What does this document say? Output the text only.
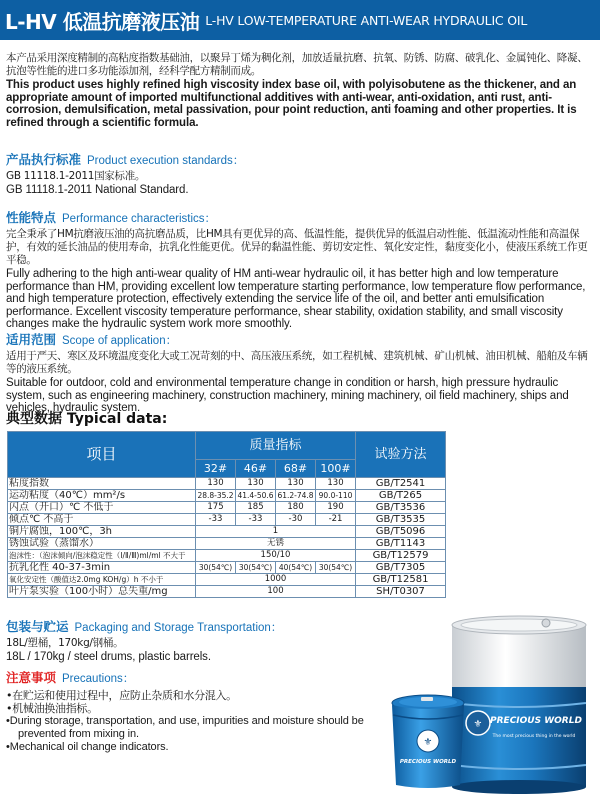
L-HV 低温抗磨液压油 L-HV LOW-TEMPERATURE ANTI-WEAR HYDRAULIC OIL
本产品采用深度精制的高粘度指数基础油，以聚异丁烯为稠化剂，加放适量抗磨、抗氧、防锈、防腐、破乳化、金属钝化、降凝、抗泡等性能的进口多功能添加剂，经科学配方精制而成。
This product uses highly refined high viscosity index base oil, with polyisobutene as the thickener, and an appropriate amount of imported multifunctional additives with anti-wear, anti-oxidation, anti rust, anti-corrosion, demulsification, metal passivation, pour point reduction, anti foaming and other properties. It is refined through a scientific formula.
产品执行标准 Product execution standards：
GB 11118.1-2011国家标准。
GB 11118.1-2011 National Standard.
性能特点 Performance characteristics：
完全秉承了HM抗磨液压油的高抗磨品质，比HM具有更优异的高、低温性能，提供优异的低温启动性能、低温流动性能和高温保护，有效的延长油品的使用寿命，抗乳化性能更优。优异的黏温性能、剪切安定性、氧化安定性，黏度变化小，使液压系统工作更平稳。
Fully adhering to the high anti-wear quality of HM anti-wear hydraulic oil, it has better high and low temperature performance than HM, providing excellent low temperature starting performance, low temperature flow performance, and high temperature protection, effectively extending the service life of the oil, and better anti emulsification performance. Excellent viscosity temperature performance, shear stability, oxidation stability, and small viscosity changes make the hydraulic system work more smoothly.
适用范围 Scope of application：
适用于严天、寒区及环境温度变化大或工况苛刻的中、高压液压系统，如工程机械、建筑机械、矿山机械、油田机械、船舶及车辆等的液压系统。
Suitable for outdoor, cold and environmental temperature change in condition or harsh, high pressure hydraulic system, such as engineering machinery, construction machinery, mining machinery, oil field machinery, ships and vehicles, hydraulic system.
典型数据 Typical data:
项目	质量指标				试验方法
	32#	46#	68#	100#	
粘度指数	130	130	130	130	GB/T2541
运动粘度（40℃）mm²/s	28.8-35.2	41.4-50.6	61.2-74.8	90.0-110	GB/T265
闪点（开口）℃ 不低于	175	185	180	190	GB/T3536
倾点℃ 不高于	-33	-33	-30	-21	GB/T3535
铜片腐蚀，100℃，3h	1				GB/T5096
锈蚀试验（蒸馏水）	无锈				GB/T1143
泡沫性：（泡沫倾向/泡沫稳定性（Ⅰ/Ⅱ/Ⅲ)ml/ml 不大于	150/10				GB/T12579
抗乳化性 40-37-3min	30(54℃)	30(54℃)	40(54℃)	30(54℃)	GB/T7305
氧化安定性（酸值达2.0mg KOH/g）h 不小于	1000				GB/T12581
叶片泵实验（100小时）总失重/mg	100				SH/T0307
包装与贮运 Packaging and Storage Transportation：
18L/塑桶，170kg/钢桶。
18L / 170kg / steel drums, plastic barrels.
注意事项 Precautions：
•在贮运和使用过程中，应防止杂质和水分混入。
•机械油换油指标。
•During storage, transportation, and use, impurities and moisture should be
prevented from mixing in.
•Mechanical oil change indicators.
⚜ PRECIOUS WORLD
The most precious thing in the world
⚜
PRECIOUS WORLD
